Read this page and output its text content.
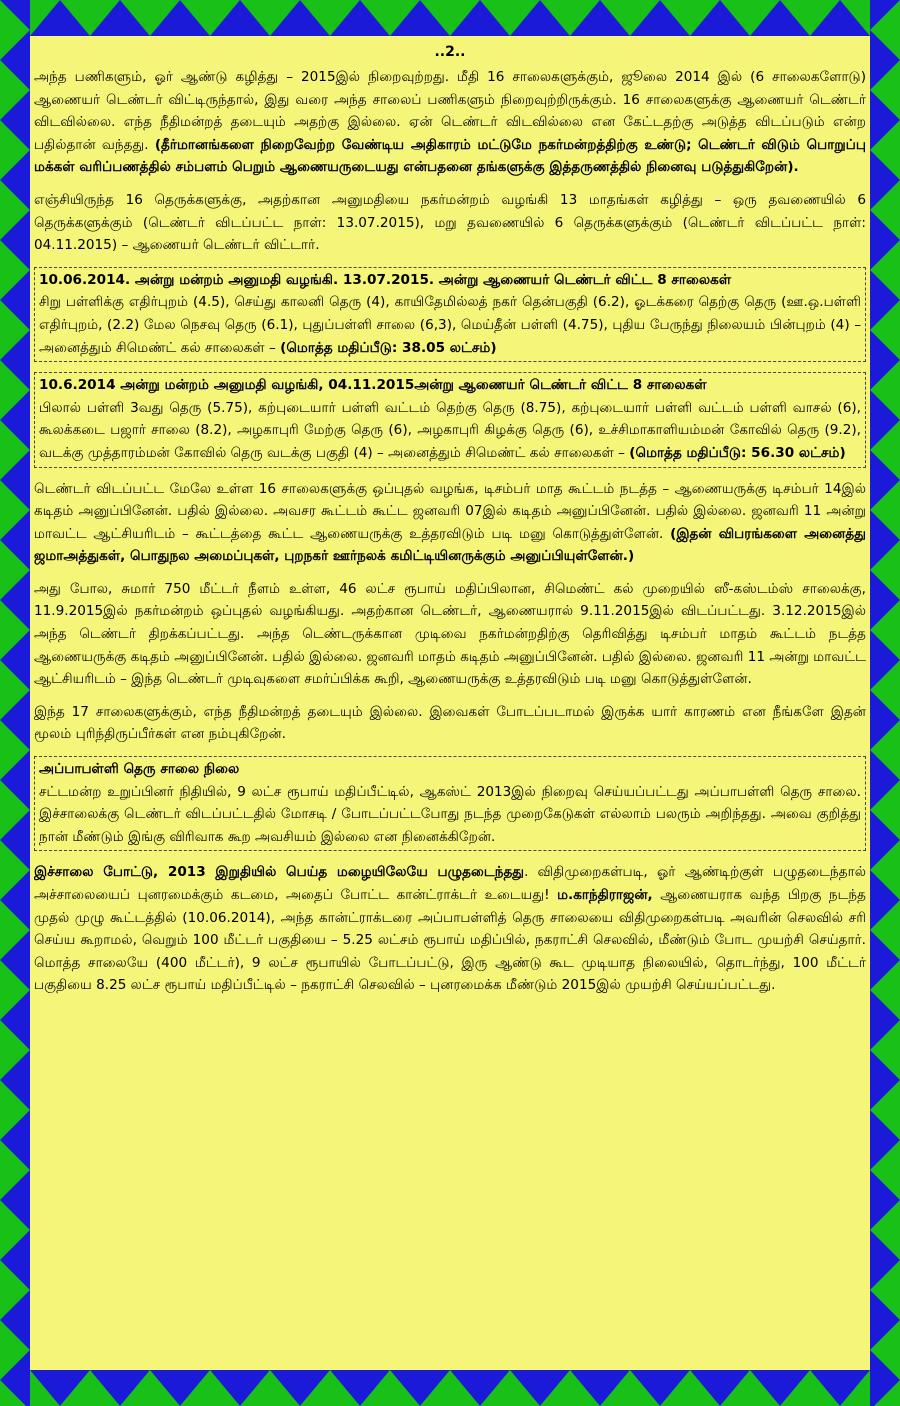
..2..

அந்த பணிகளும், ஓர் ஆண்டு கழித்து – 2015இல் நிறைவுற்றது. மீதி 16 சாலைகளுக்கும், ஜூலை 2014 இல் (6 சாலைகளோடு) ஆணையர் டெண்டர் விட்டிருந்தால், இது வரை அந்த சாலைப் பணிகளும் நிறைவுற்றிருக்கும். 16 சாலைகளுக்கு ஆணையர் டெண்டர் விடவில்லை. எந்த நீதிமன்றத் தடையும் அதற்கு இல்லை. ஏன் டெண்டர் விடவில்லை என கேட்டதற்கு அடுத்த விடப்படும் என்ற பதில்தான் வந்தது. (தீர்மானங்களை நிறைவேற்ற வேண்டிய அதிகாரம் மட்டுமே நகர்மன்றத்திற்கு உண்டு; டெண்டர் விடும் பொறுப்பு மக்கள் வரிப்பணத்தில் சம்பளம் பெறும் ஆணையருடையது என்பதனை தங்களுக்கு இத்தருணத்தில் நினைவு படுத்துகிறேன்).

எஞ்சியிருந்த 16 தெருக்களுக்கு, அதற்கான அனுமதியை நகர்மன்றம் வழங்கி 13 மாதங்கள் கழித்து – ஒரு தவணையில் 6 தெருக்களுக்கும் (டெண்டர் விடப்பட்ட நாள்: 13.07.2015), மறு தவணையில் 6 தெருக்களுக்கும் (டெண்டர் விடப்பட்ட நாள்: 04.11.2015) – ஆணையர் டெண்டர் விட்டார்.

10.06.2014. அன்று மன்றம் அனுமதி வழங்கி. 13.07.2015. அன்று ஆணையர் டெண்டர் விட்ட 8 சாலைகள்

சிறு பள்ளிக்கு எதிர்புறம் (4.5), செய்து காலனி தெரு (4), காயிதேமில்லத் நகர் தென்பகுதி (6.2), ஓடக்கரை தெற்கு தெரு (ஊ.ஒ.பள்ளி எதிர்புறம், (2.2) மேல நெசவு தெரு (6.1), புதுப்பள்ளி சாலை (6,3), மெய்தீன் பள்ளி (4.75), புதிய பேருந்து நிலையம் பின்புறம் (4) – அனைத்தும் சிமெண்ட் கல் சாலைகள் – (மொத்த மதிப்பீடு: 38.05 லட்சம்)

10.6.2014 அன்று மன்றம் அனுமதி வழங்கி, 04.11.2015அன்று ஆணையர் டெண்டர் விட்ட 8 சாலைகள்

பிலால் பள்ளி 3வது தெரு (5.75), கற்புடையார் பள்ளி வட்டம் தெற்கு தெரு (8.75), கற்புடையார் பள்ளி வட்டம் பள்ளி வாசல் (6), கூலக்கடை பஜார் சாலை (8.2), அழகாபுரி மேற்கு தெரு (6), அழகாபுரி கிழக்கு தெரு (6), உச்சிமாகாளியம்மன் கோவில் தெரு (9.2), வடக்கு முத்தாரம்மன் கோவில் தெரு வடக்கு பகுதி (4) – அனைத்தும் சிமெண்ட் கல் சாலைகள் – (மொத்த மதிப்பீடு: 56.30 லட்சம்)

டெண்டர் விடப்பட்ட மேலே உள்ள 16 சாலைகளுக்கு ஒப்புதல் வழங்க, டிசம்பர் மாத கூட்டம் நடத்த – ஆணையருக்கு டிசம்பர் 14இல் கடிதம் அனுப்பினேன். பதில் இல்லை. அவசர கூட்டம் கூட்ட ஜனவரி 07இல் கடிதம் அனுப்பினேன். பதில் இல்லை. ஜனவரி 11 அன்று மாவட்ட ஆட்சியரிடம் – கூட்டத்தை கூட்ட ஆணையருக்கு உத்தரவிடும் படி மனு கொடுத்துள்ளேன். (இதன் விபரங்களை அனைத்து ஜமாஅத்துகள், பொதுநல அமைப்புகள், புறநகர் ஊர்நலக் கமிட்டியினருக்கும் அனுப்பியுள்ளேன்.)

அது போல, சுமார் 750 மீட்டர் நீளம் உள்ள, 46 லட்ச ரூபாய் மதிப்பிலான, சிமெண்ட் கல் முறையில் ஸீ-கஸ்டம்ஸ் சாலைக்கு, 11.9.2015இல் நகர்மன்றம் ஒப்புதல் வழங்கியது. அதற்கான டெண்டர், ஆணையரால் 9.11.2015இல் விடப்பட்டது. 3.12.2015இல் அந்த டெண்டர் திறக்கப்பட்டது. அந்த டெண்டருக்கான முடிவை நகர்மன்றதிற்கு தெரிவித்து டிசம்பர் மாதம் கூட்டம் நடத்த ஆணையருக்கு கடிதம் அனுப்பினேன். பதில் இல்லை. ஜனவரி மாதம் கடிதம் அனுப்பினேன். பதில் இல்லை. ஜனவரி 11 அன்று மாவட்ட ஆட்சியரிடம் – இந்த டெண்டர் முடிவுகளை சமர்ப்பிக்க கூறி, ஆணையருக்கு உத்தரவிடும் படி மனு கொடுத்துள்ளேன்.

இந்த 17 சாலைகளுக்கும், எந்த நீதிமன்றத் தடையும் இல்லை. இவைகள் போடப்படாமல் இருக்க யார் காரணம் என நீங்களே இதன் மூலம் புரிந்திருப்பீர்கள் என நம்புகிறேன்.

அப்பாபள்ளி தெரு சாலை நிலை

சட்டமன்ற உறுப்பினர் நிதியில், 9 லட்ச ரூபாய் மதிப்பீட்டில், ஆகஸ்ட் 2013இல் நிறைவு செய்யப்பட்டது அப்பாபள்ளி தெரு சாலை. இச்சாலைக்கு டெண்டர் விடப்பட்டதில் மோசடி / போடப்பட்டபோது நடந்த முறைகேடுகள் எல்லாம் பலரும் அறிந்தது. அவை குறித்து நான் மீண்டும் இங்கு விரிவாக கூற அவசியம் இல்லை என நினைக்கிறேன்.

இச்சாலை போட்டு, 2013 இறுதியில் பெய்த மழையிலேயே பழுதடைந்தது. விதிமுறைகள்படி, ஓர் ஆண்டிற்குள் பழுதடைந்தால் அச்சாலையைப் புனரமைக்கும் கடமை, அதைப் போட்ட கான்ட்ராக்டர் உடையது! ம.காந்திராஜன், ஆணையராக வந்த பிறகு நடந்த முதல் முழு கூட்டத்தில் (10.06.2014), அந்த கான்ட்ராக்டரை அப்பாபள்ளித் தெரு சாலையை விதிமுறைகள்படி அவரின் செலவில் சரி செய்ய கூறாமல், வெறும் 100 மீட்டர் பகுதியை – 5.25 லட்சம் ரூபாய் மதிப்பில், நகராட்சி செலவில், மீண்டும் போட முயற்சி செய்தார். மொத்த சாலையே (400 மீட்டர்), 9 லட்ச ரூபாயில் போடப்பட்டு, இரு ஆண்டு கூட முடியாத நிலையில், தொடர்ந்து, 100 மீட்டர் பகுதியை 8.25 லட்ச ரூபாய் மதிப்பீட்டில் – நகராட்சி செலவில் – புனரமைக்க மீண்டும் 2015இல் முயற்சி செய்யப்பட்டது.
